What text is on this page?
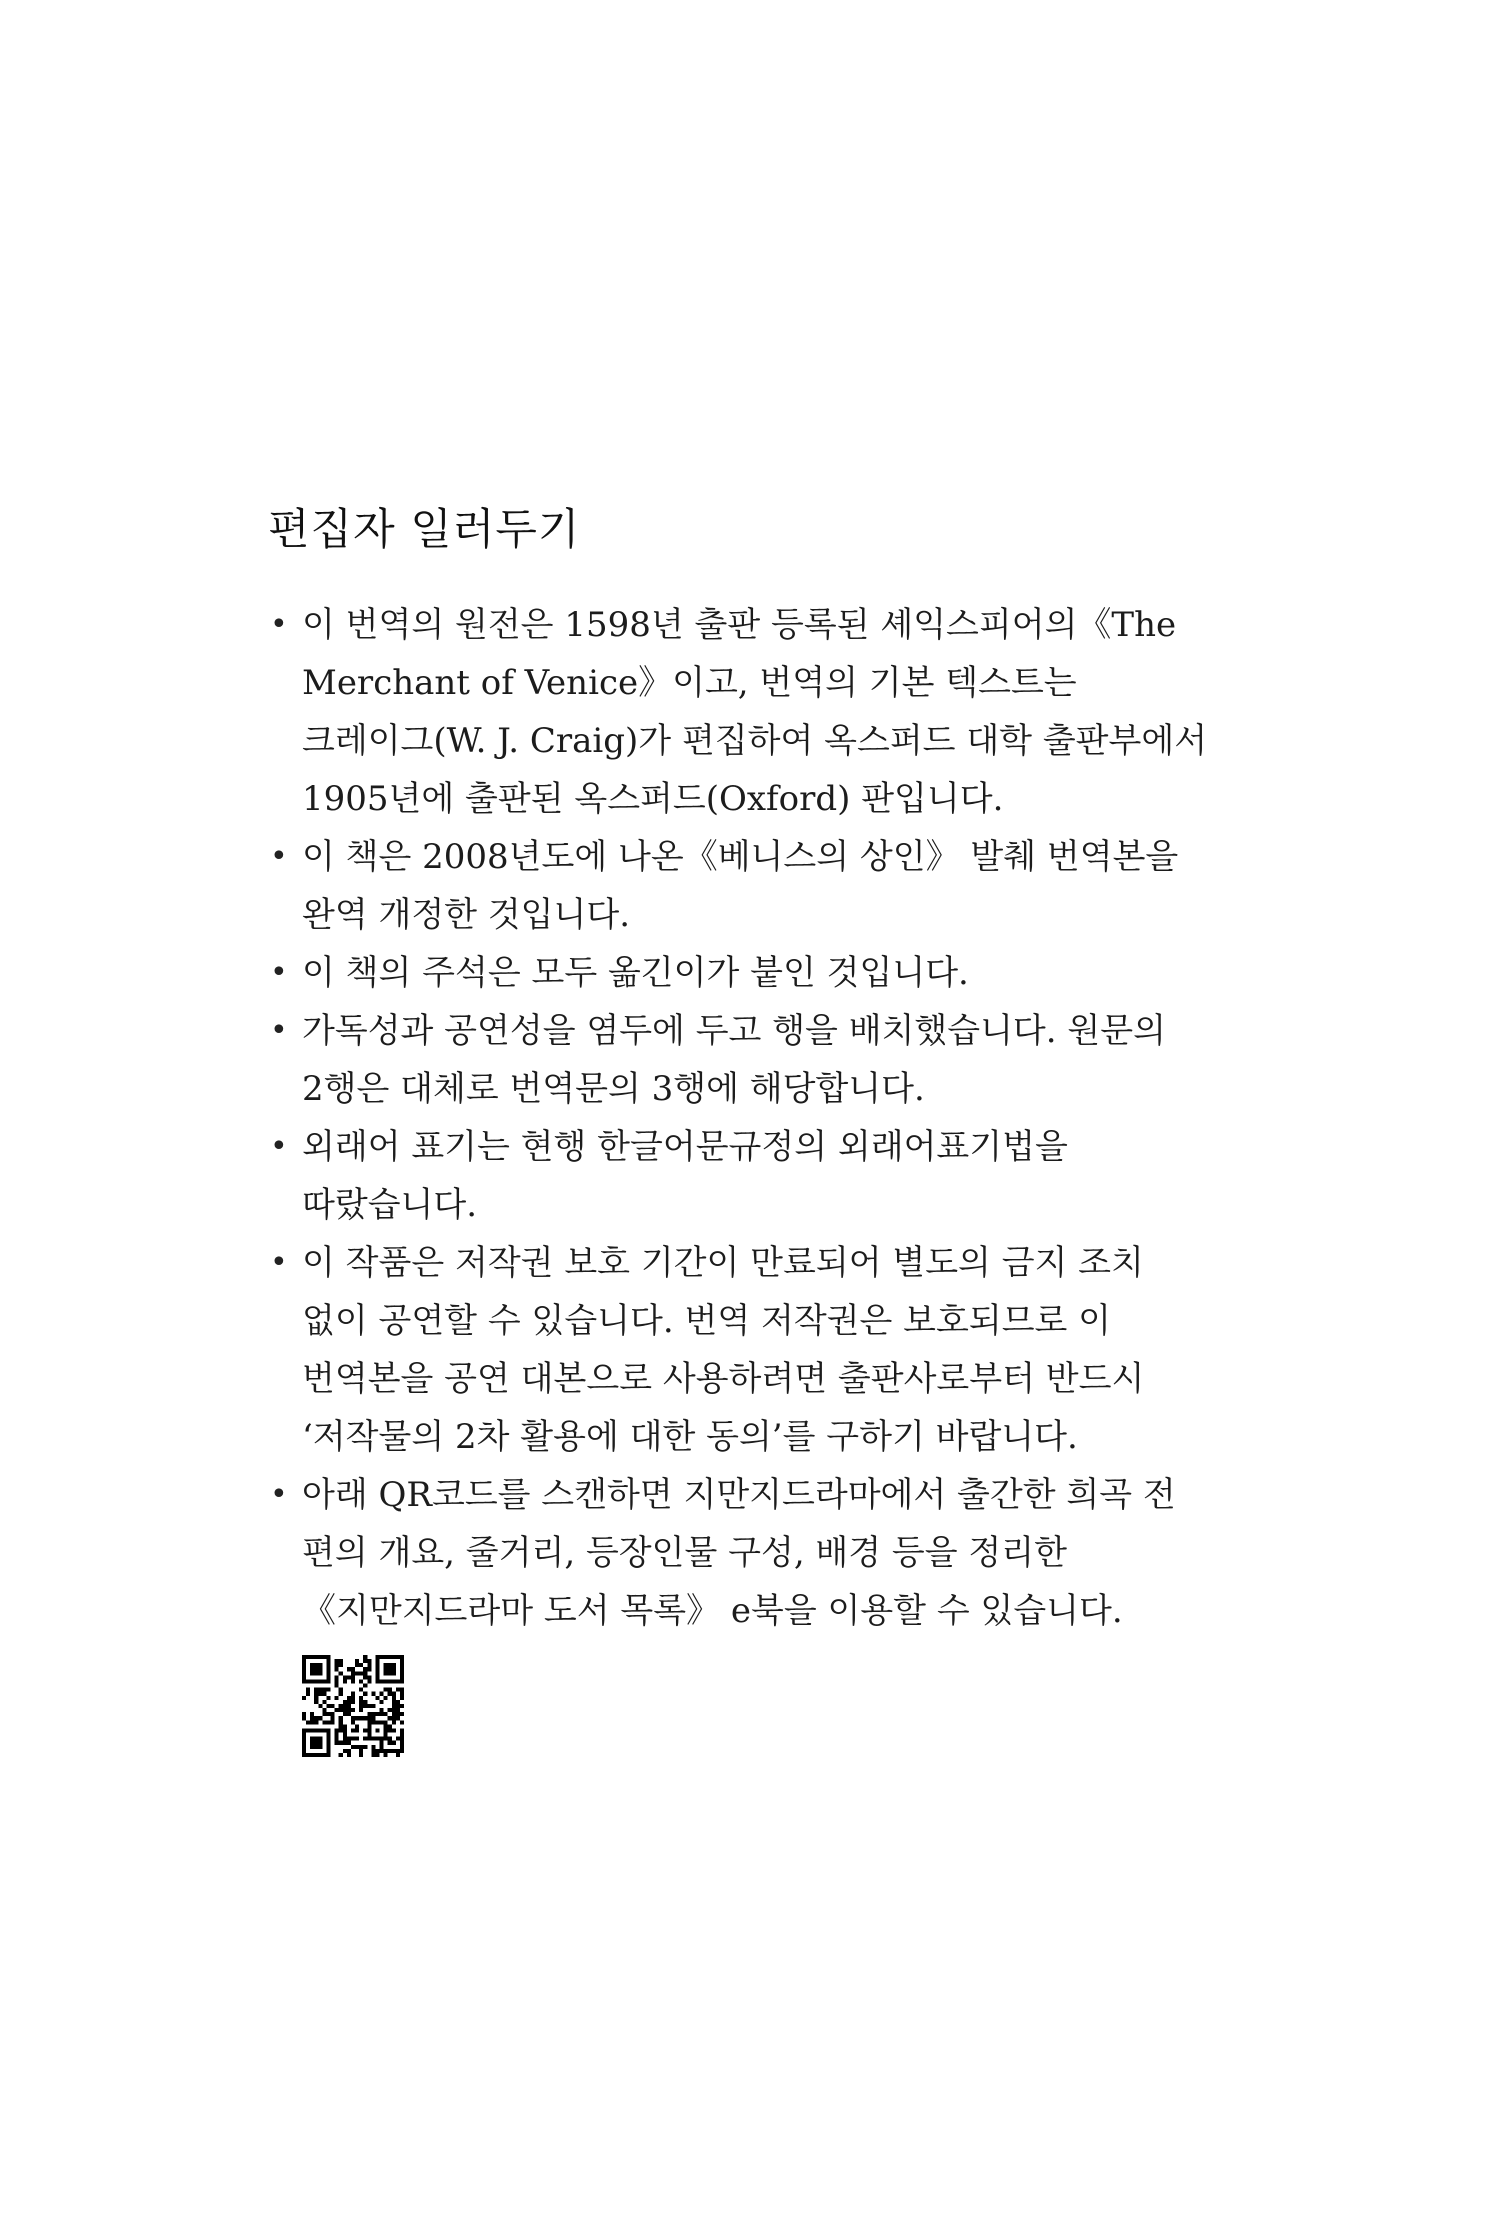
편집자 일러두기
• 이 번역의 원전은 1598년 출판 등록된 셰익스피어의《The
Merchant of Venice》이고, 번역의 기본 텍스트는
크레이그(W. J. Craig)가 편집하여 옥스퍼드 대학 출판부에서
1905년에 출판된 옥스퍼드(Oxford) 판입니다.
• 이 책은 2008년도에 나온《베니스의 상인》 발췌 번역본을
완역 개정한 것입니다.
• 이 책의 주석은 모두 옮긴이가 붙인 것입니다.
• 가독성과 공연성을 염두에 두고 행을 배치했습니다. 원문의
2행은 대체로 번역문의 3행에 해당합니다.
• 외래어 표기는 현행 한글어문규정의 외래어표기법을
따랐습니다.
• 이 작품은 저작권 보호 기간이 만료되어 별도의 금지 조치
없이 공연할 수 있습니다. 번역 저작권은 보호되므로 이
번역본을 공연 대본으로 사용하려면 출판사로부터 반드시
‘저작물의 2차 활용에 대한 동의’를 구하기 바랍니다.
• 아래 QR코드를 스캔하면 지만지드라마에서 출간한 희곡 전
편의 개요, 줄거리, 등장인물 구성, 배경 등을 정리한
《지만지드라마 도서 목록》 e북을 이용할 수 있습니다.
